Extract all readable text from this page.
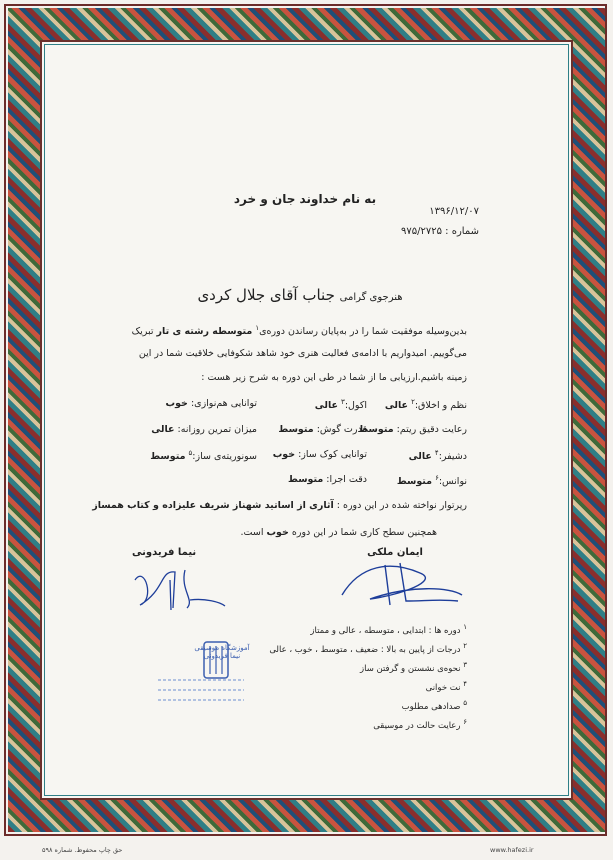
به نام خداوند جان و خرد
۱۳۹۶/۱۲/۰۷
شماره : ۹۷۵/۲۷۲۵
هنرجوی گرامی جناب آقای جلال کردی
بدین‌وسیله موفقیت شما را در به‌پایان رساندن دوره‌ی$^۱$ متوسطه رشته ی تار تبریک
می‌گوییم. امیدواریم با ادامه‌ی فعالیت هنری خود شاهد شکوفایی خلاقیت شما در این
زمینه باشیم.ارزیابی ما از شما در طی این دوره به شرح زیر هست :
نظم و اخلاق:$^۲$ عالی
اکول:$^۳$ عالی
توانایی هم‌نوازی: خوب
رعایت دقیق ریتم: متوسط
قدرت گوش: متوسط
میزان تمرین روزانه: عالی
دشیفر:$^۴$ عالی
توانایی کوک ساز: خوب
سونوریته‌ی ساز:$^۵$ متوسط
نوانس:$^۶$ متوسط
دقت اجرا: متوسط
رپرتوار نواخته شده در این دوره : آثاری از اساتید شهناز شریف علیزاده و کتاب همساز
همچنین سطح کاری شما در این دوره خوب است.
ایمان ملکی
نیما فریدونی
آموزشگاه موسیقی نیما فریدونی
$^۱$ دوره ها : ابتدایی ، متوسطه ، عالی و ممتاز
$^۲$ درجات از پایین به بالا : ضعیف ، متوسط ، خوب ، عالی
$^۳$ نحوه‌ی نشستن و گرفتن ساز
$^۴$ نت خوانی
$^۵$ صدادهی مطلوب
$^۶$ رعایت حالت در موسیقی
حق چاپ محفوظ. شماره ۵۹۸	www.hafezi.ir
